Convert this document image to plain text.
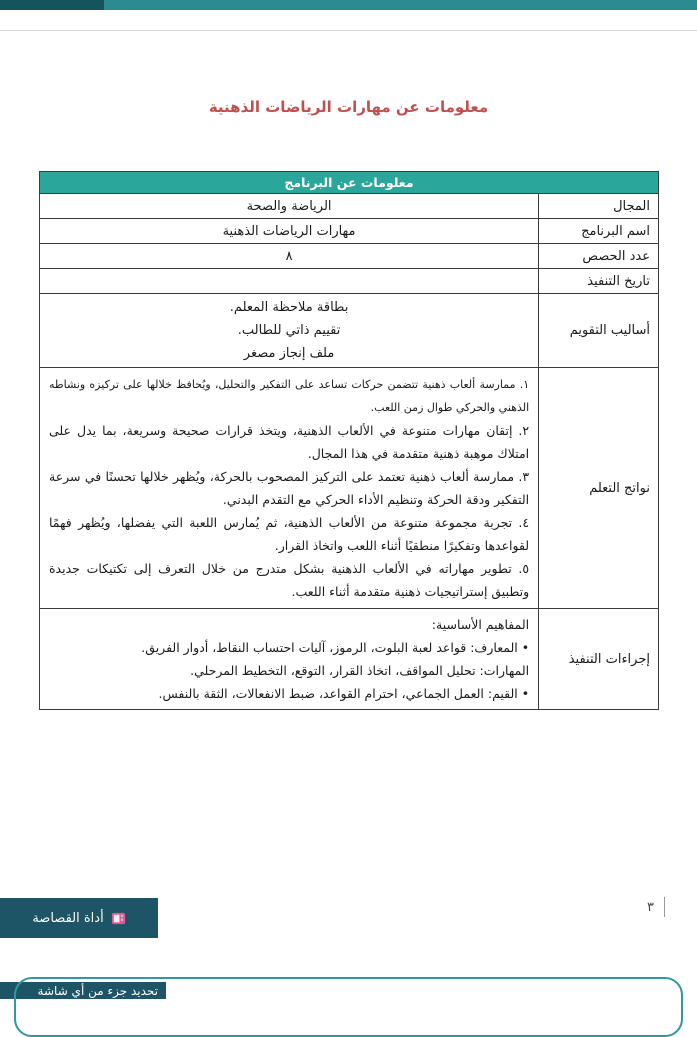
معلومات عن مهارات الرياضات الذهنية
معلومات عن البرنامج	
المجال	الرياضة والصحة
اسم البرنامج	مهارات الرياضات الذهنية
عدد الحصص	٨
تاريخ التنفيذ	
أساليب التقويم	بطاقة ملاحظة المعلم.
تقييم ذاتي للطالب.
ملف إنجاز مصغر

نواتج التعلم	١. ممارسة ألعاب ذهنية تتضمن حركات تساعد على التفكير والتحليل، ويُحافظ خلالها على تركيزه ونشاطه الذهني والحركي طوال زمن اللعب.
٢. إتقان مهارات متنوعة في الألعاب الذهنية، ويتخذ قرارات صحيحة وسريعة، بما يدل على امتلاك موهبة ذهنية متقدمة في هذا المجال.
٣. ممارسة ألعاب ذهنية تعتمد على التركيز المصحوب بالحركة، ويُظهر خلالها تحسنًا في سرعة التفكير ودقة الحركة وتنظيم الأداء الحركي مع التقدم البدني.
٤. تجربة مجموعة متنوعة من الألعاب الذهنية، ثم يُمارس اللعبة التي يفضلها، ويُظهر فهمًا لقواعدها وتفكيرًا منطقيًا أثناء اللعب واتخاذ القرار.
٥. تطوير مهاراته في الألعاب الذهنية بشكل متدرج من خلال التعرف إلى تكتيكات جديدة وتطبيق إستراتيجيات ذهنية متقدمة أثناء اللعب.

إجراءات التنفيذ	المفاهيم الأساسية:
• المعارف: قواعد لعبة البلوت، الرموز، آليات احتساب النقاط، أدوار الفريق.
المهارات: تحليل المواقف، اتخاذ القرار، التوقع، التخطيط المرحلي.
• القيم: العمل الجماعي، احترام القواعد، ضبط الانفعالات، الثقة بالنفس.
٣
أداة القصاصة
تحديد جزء من أي شاشة
